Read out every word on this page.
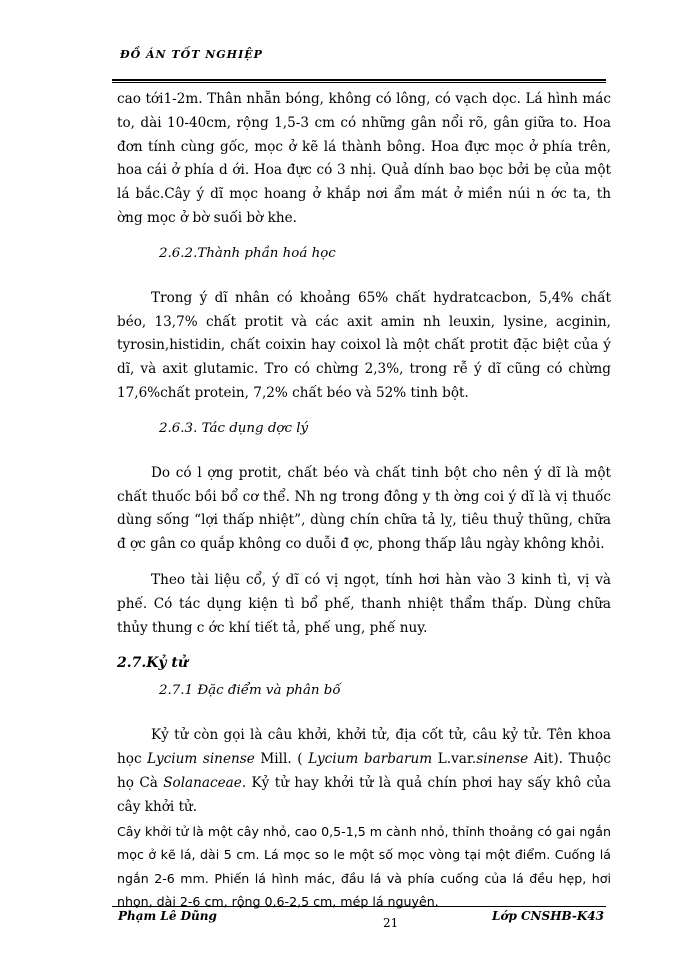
ĐỒ ÁN TỐT NGHIỆP

cao tới1-2m. Thân nhẵn bóng, không có lông, có vạch dọc. Lá hình mác to, dài 10-40cm, rộng 1,5-3 cm có những gân nổi rõ, gân giữa to. Hoa đơn tính cùng gốc, mọc ở kẽ lá thành bông. Hoa đực mọc ở phía trên, hoa cái ở phía d ới. Hoa đực có 3 nhị. Quả dính bao bọc bởi bẹ của một lá bắc.Cây ý dĩ mọc hoang ở khắp nơi ẩm mát ở miền núi n ớc ta, th ờng mọc ở bờ suối bờ khe.

2.6.2.Thành phần hoá học

Trong ý dĩ nhân có khoảng 65% chất hydratcacbon, 5,4% chất béo, 13,7% chất protit và các axit amin nh leuxin, lysine, acginin, tyrosin,histidin, chất coixin hay coixol là một chất protit đặc biệt của ý dĩ, và axit glutamic. Tro có chừng 2,3%, trong rễ ý dĩ cũng có chừng 17,6%chất protein, 7,2% chất béo và 52% tinh bột.

2.6.3. Tác dụng dợc lý

Do có l ợng protit, chất béo và chất tinh bột cho nên ý dĩ là một chất thuốc bồi bổ cơ thể. Nh ng trong đông y th ờng coi ý dĩ là vị thuốc dùng sống “lợi thấp nhiệt”, dùng chín chữa tả lỵ, tiêu thuỷ thũng, chữa đ ợc gân co quắp không co duỗi đ ợc, phong thấp lâu ngày không khỏi.

Theo tài liệu cổ, ý dĩ có vị ngọt, tính hơi hàn vào 3 kinh tì, vị và phế. Có tác dụng kiện tì bổ phế, thanh nhiệt thẩm thấp. Dùng chữa thủy thung c ớc khí tiết tả, phế ung, phế nuy.

2.7.Kỷ tử

2.7.1 Đặc điểm và phân bố

Kỷ tử còn gọi là câu khởi, khởi tử, địa cốt tử, câu kỷ tử. Tên khoa học Lycium sinense Mill. ( Lycium barbarum L.var.sinense Ait). Thuộc họ Cà Solanaceae. Kỷ tử hay khởi tử là quả chín phơi hay sấy khô của cây khởi tử.

Cây khởi tử là một cây nhỏ, cao 0,5-1,5 m cành nhỏ, thỉnh thoảng có gai ngắn mọc ở kẽ lá, dài 5 cm. Lá mọc so le một số mọc vòng tại một điểm. Cuống lá ngắn 2-6 mm. Phiến lá hình mác, đầu lá và phía cuống của lá đều hẹp, hơi nhọn, dài 2-6 cm, rộng 0,6-2,5 cm, mép lá nguyên.

Phạm Lê Dũng	21	Lớp CNSHB-K43
